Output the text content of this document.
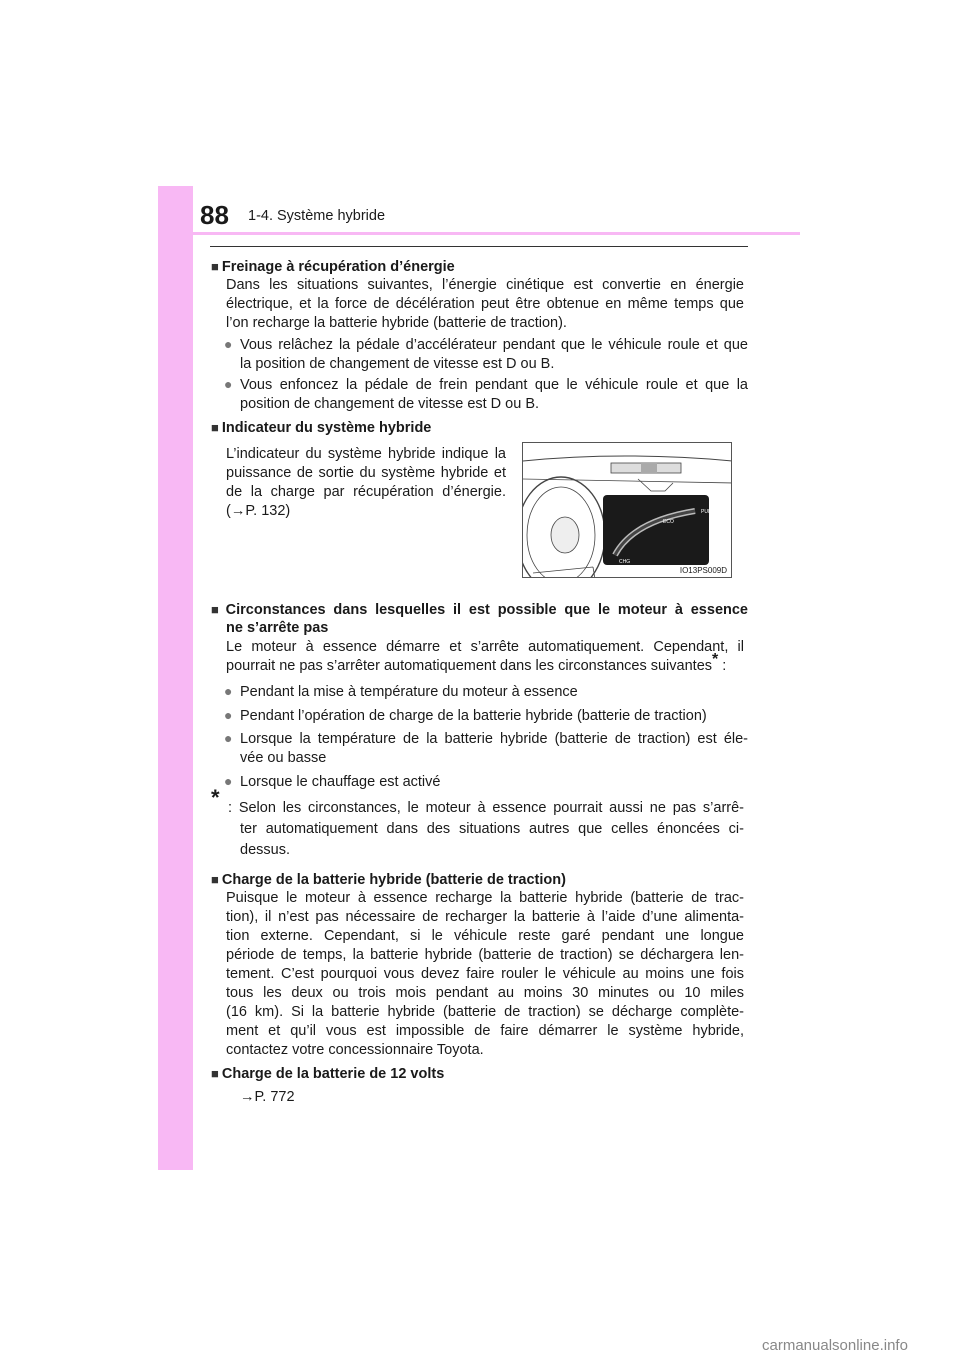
88 1-4. Système hybride
■ Freinage à récupération d’énergie
Dans les situations suivantes, l’énergie cinétique est convertie en énergie
électrique, et la force de décélération peut être obtenue en même temps que
l’on recharge la batterie hybride (batterie de traction).
● Vous relâchez la pédale d’accélérateur pendant que le véhicule roule et que
la position de changement de vitesse est D ou B.
● Vous enfoncez la pédale de frein pendant que le véhicule roule et que la
position de changement de vitesse est D ou B.
■ Indicateur du système hybride
L’indicateur du système hybride indique la
puissance de sortie du système hybride et
de la charge par récupération d’énergie.
(→P. 132)	PUISS.
ECO
CHG
IO13PS009D
■ Circonstances dans lesquelles il est possible que le moteur à essence
ne s’arrête pas
Le moteur à essence démarre et s’arrête automatiquement. Cependant, il
pourrait ne pas s’arrêter automatiquement dans les circonstances suivantes* :
● Pendant la mise à température du moteur à essence
● Pendant l’opération de charge de la batterie hybride (batterie de traction)
● Lorsque la température de la batterie hybride (batterie de traction) est éle-
vée ou basse
● Lorsque le chauffage est activé
* : Selon les circonstances, le moteur à essence pourrait aussi ne pas s’arrê-
ter automatiquement dans des situations autres que celles énoncées ci-
dessus.
■ Charge de la batterie hybride (batterie de traction)
Puisque le moteur à essence recharge la batterie hybride (batterie de trac-
tion), il n’est pas nécessaire de recharger la batterie à l’aide d’une alimenta-
tion externe. Cependant, si le véhicule reste garé pendant une longue
période de temps, la batterie hybride (batterie de traction) se déchargera len-
tement. C’est pourquoi vous devez faire rouler le véhicule au moins une fois
tous les deux ou trois mois pendant au moins 30 minutes ou 10 miles
(16 km). Si la batterie hybride (batterie de traction) se décharge complète-
ment et qu’il vous est impossible de faire démarrer le système hybride,
contactez votre concessionnaire Toyota.
■ Charge de la batterie de 12 volts
→P. 772
carmanualsonline.info
